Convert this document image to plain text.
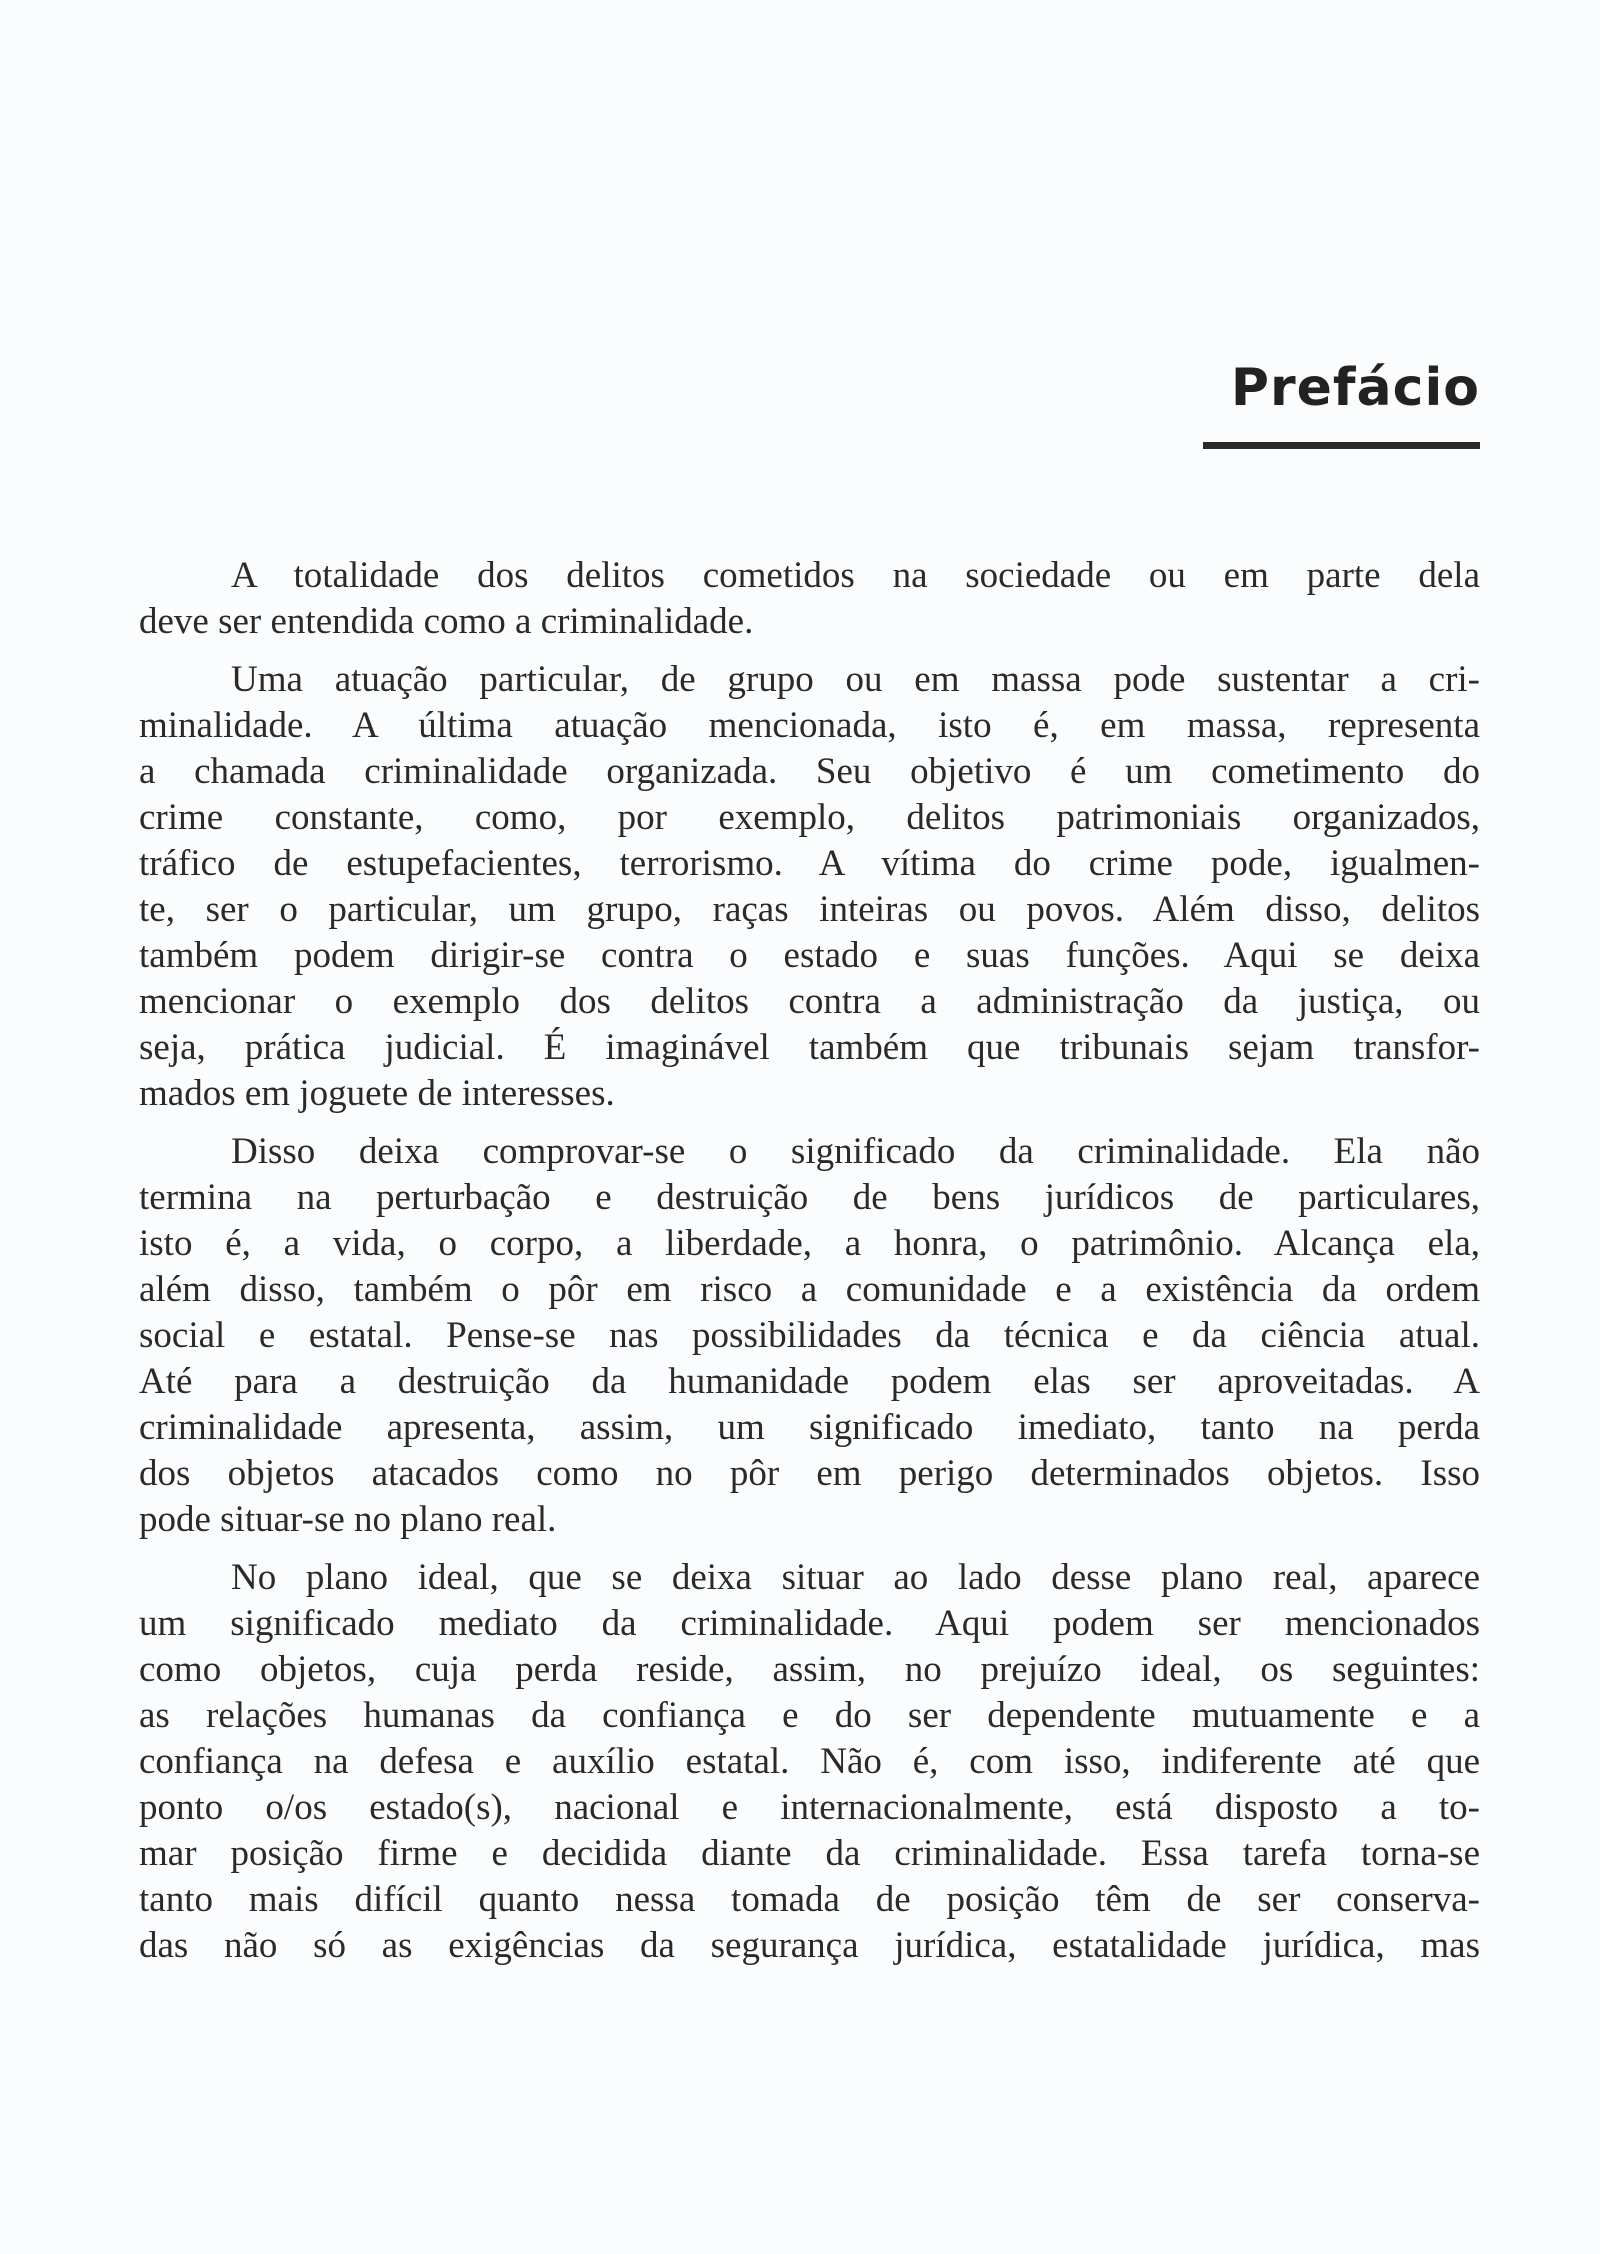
Prefácio

A totalidade dos delitos cometidos na sociedade ou em parte dela
deve ser entendida como a criminalidade.

Uma atuação particular, de grupo ou em massa pode sustentar a cri-
minalidade. A última atuação mencionada, isto é, em massa, representa
a chamada criminalidade organizada. Seu objetivo é um cometimento do
crime constante, como, por exemplo, delitos patrimoniais organizados,
tráfico de estupefacientes, terrorismo. A vítima do crime pode, igualmen-
te, ser o particular, um grupo, raças inteiras ou povos. Além disso, delitos
também podem dirigir-se contra o estado e suas funções. Aqui se deixa
mencionar o exemplo dos delitos contra a administração da justiça, ou
seja, prática judicial. É imaginável também que tribunais sejam transfor-
mados em joguete de interesses.

Disso deixa comprovar-se o significado da criminalidade. Ela não
termina na perturbação e destruição de bens jurídicos de particulares,
isto é, a vida, o corpo, a liberdade, a honra, o patrimônio. Alcança ela,
além disso, também o pôr em risco a comunidade e a existência da ordem
social e estatal. Pense-se nas possibilidades da técnica e da ciência atual.
Até para a destruição da humanidade podem elas ser aproveitadas. A
criminalidade apresenta, assim, um significado imediato, tanto na perda
dos objetos atacados como no pôr em perigo determinados objetos. Isso
pode situar-se no plano real.

No plano ideal, que se deixa situar ao lado desse plano real, aparece
um significado mediato da criminalidade. Aqui podem ser mencionados
como objetos, cuja perda reside, assim, no prejuízo ideal, os seguintes:
as relações humanas da confiança e do ser dependente mutuamente e a
confiança na defesa e auxílio estatal. Não é, com isso, indiferente até que
ponto o/os estado(s), nacional e internacionalmente, está disposto a to-
mar posição firme e decidida diante da criminalidade. Essa tarefa torna-se
tanto mais difícil quanto nessa tomada de posição têm de ser conserva-
das não só as exigências da segurança jurídica, estatalidade jurídica, mas
